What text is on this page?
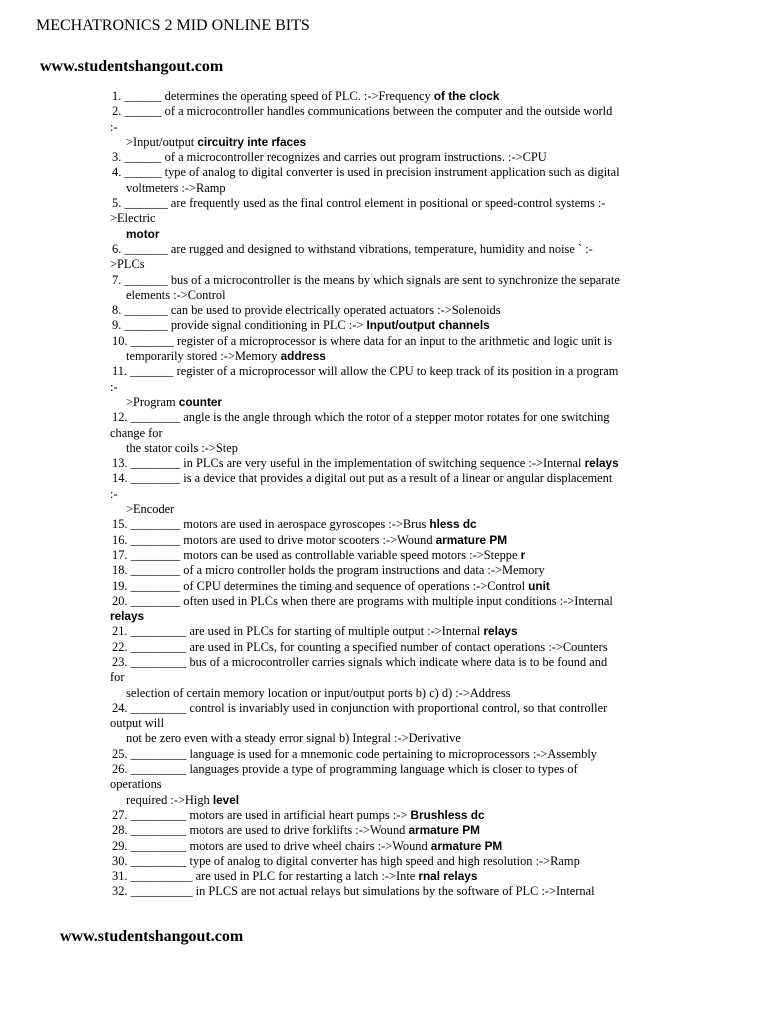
MECHATRONICS 2 MID ONLINE BITS
www.studentshangout.com
1. ______ determines the operating speed of PLC. :->Frequency of the clock
2. ______ of a microcontroller handles communications between the computer and the outside world
:-
>Input/output circuitry inte rfaces
3. ______ of a microcontroller recognizes and carries out program instructions. :->CPU
4. ______ type of analog to digital converter is used in precision instrument application such as digital
voltmeters :->Ramp
5. _______ are frequently used as the final control element in positional or speed-control systems :-
>Electric
motor
6. _______ are rugged and designed to withstand vibrations, temperature, humidity and noise ` :-
>PLCs
7. _______ bus of a microcontroller is the means by which signals are sent to synchronize the separate
elements :->Control
8. _______ can be used to provide electrically operated actuators :->Solenoids
9. _______ provide signal conditioning in PLC :-> Input/output channels
10. _______ register of a microprocessor is where data for an input to the arithmetic and logic unit is
temporarily stored :->Memory address
11. _______ register of a microprocessor will allow the CPU to keep track of its position in a program
:-
>Program counter
12. ________ angle is the angle through which the rotor of a stepper motor rotates for one switching
change for
the stator coils :->Step
13. ________ in PLCs are very useful in the implementation of switching sequence :->Internal relays
14. ________ is a device that provides a digital out put as a result of a linear or angular displacement
:-
>Encoder
15. ________ motors are used in aerospace gyroscopes :->Brus hless dc
16. ________ motors are used to drive motor scooters :->Wound armature PM
17. ________ motors can be used as controllable variable speed motors :->Steppe r
18. ________ of a micro controller holds the program instructions and data :->Memory
19. ________ of CPU determines the timing and sequence of operations :->Control unit
20. ________ often used in PLCs when there are programs with multiple input conditions :->Internal
relays
21. _________ are used in PLCs for starting of multiple output :->Internal relays
22. _________ are used in PLCs, for counting a specified number of contact operations :->Counters
23. _________ bus of a microcontroller carries signals which indicate where data is to be found and
for
selection of certain memory location or input/output ports b) c) d) :->Address
24. _________ control is invariably used in conjunction with proportional control, so that controller
output will
not be zero even with a steady error signal b) Integral :->Derivative
25. _________ language is used for a mnemonic code pertaining to microprocessors :->Assembly
26. _________ languages provide a type of programming language which is closer to types of
operations
required :->High level
27. _________ motors are used in artificial heart pumps :-> Brushless dc
28. _________ motors are used to drive forklifts :->Wound armature PM
29. _________ motors are used to drive wheel chairs :->Wound armature PM
30. _________ type of analog to digital converter has high speed and high resolution :->Ramp
31. __________ are used in PLC for restarting a latch :->Inte rnal relays
32. __________ in PLCS are not actual relays but simulations by the software of PLC :->Internal
www.studentshangout.com
